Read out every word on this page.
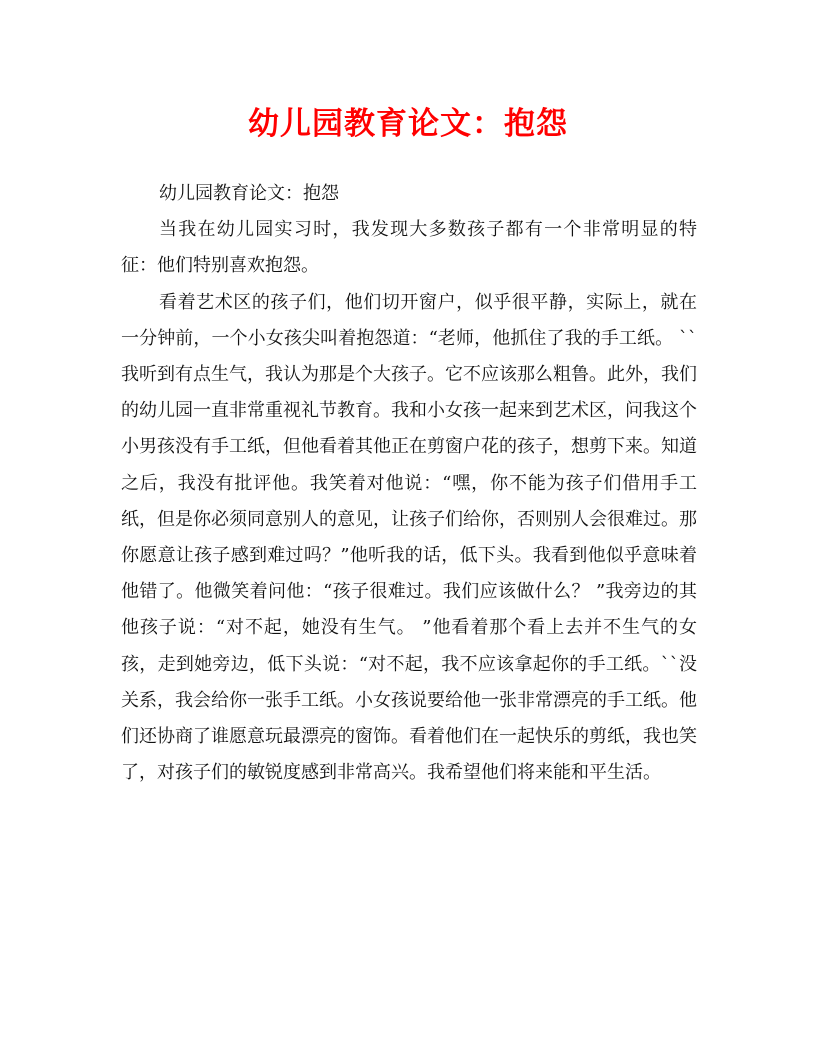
幼儿园教育论文：抱怨

幼儿园教育论文：抱怨

当我在幼儿园实习时，我发现大多数孩子都有一个非常明显的特征：他们特别喜欢抱怨。

看着艺术区的孩子们，他们切开窗户，似乎很平静，实际上，就在一分钟前，一个小女孩尖叫着抱怨道：“老师，他抓住了我的手工纸。 ``我听到有点生气，我认为那是个大孩子。它不应该那么粗鲁。此外，我们的幼儿园一直非常重视礼节教育。我和小女孩一起来到艺术区，问我这个小男孩没有手工纸，但他看着其他正在剪窗户花的孩子，想剪下来。知道之后，我没有批评他。我笑着对他说：“嘿，你不能为孩子们借用手工纸，但是你必须同意别人的意见，让孩子们给你，否则别人会很难过。那你愿意让孩子感到难过吗？”他听我的话，低下头。我看到他似乎意味着他错了。他微笑着问他：“孩子很难过。我们应该做什么？ ”我旁边的其他孩子说：“对不起，她没有生气。 ”他看着那个看上去并不生气的女孩，走到她旁边，低下头说：“对不起，我不应该拿起你的手工纸。``没关系，我会给你一张手工纸。小女孩说要给他一张非常漂亮的手工纸。他们还协商了谁愿意玩最漂亮的窗饰。看着他们在一起快乐的剪纸，我也笑了，对孩子们的敏锐度感到非常高兴。我希望他们将来能和平生活。
